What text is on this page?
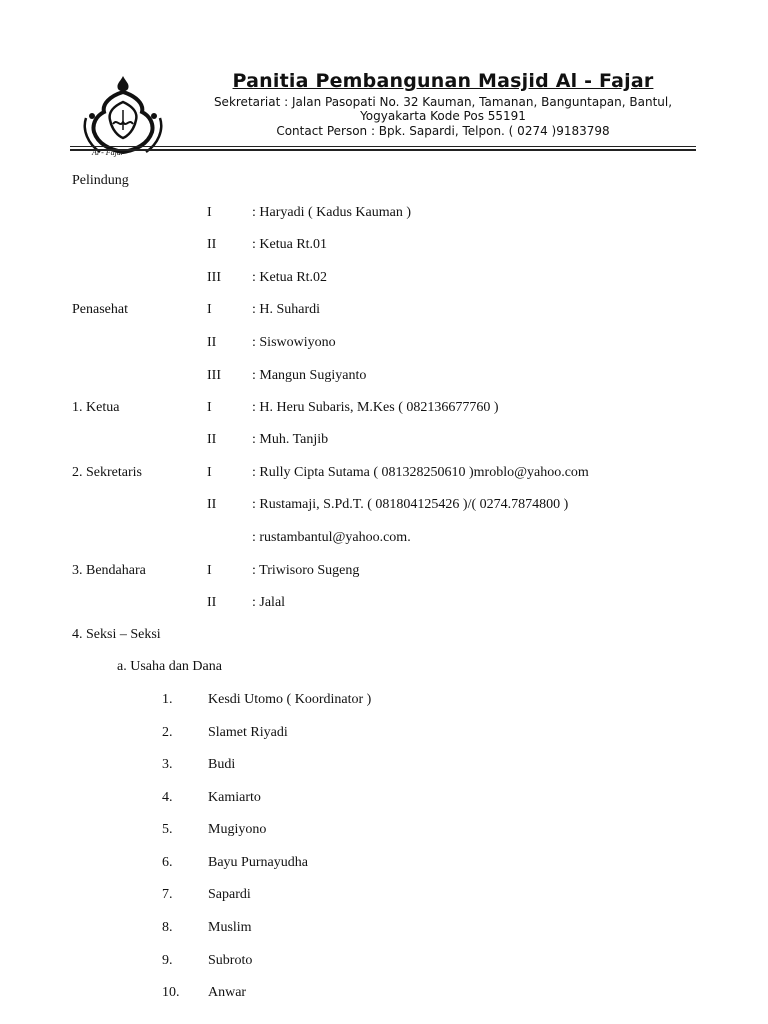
Al - Fajar
Panitia Pembangunan Masjid Al - Fajar
Sekretariat : Jalan Pasopati No. 32 Kauman, Tamanan, Banguntapan, Bantul,
Yogyakarta Kode Pos 55191
Contact Person : Bpk. Sapardi, Telpon. ( 0274 )9183798
Pelindung
I	: Haryadi ( Kadus Kauman )
II	: Ketua Rt.01
III : Ketua Rt.02
Penasehat	I	: H. Suhardi
II	: Siswowiyono
III : Mangun Sugiyanto
1. Ketua	I	: H. Heru Subaris, M.Kes ( 082136677760 )
II	: Muh. Tanjib
2. Sekretaris	I	: Rully Cipta Sutama ( 081328250610 )mroblo@yahoo.com
II	: Rustamaji, S.Pd.T. ( 081804125426 )/( 0274.7874800 )
: rustambantul@yahoo.com.
3. Bendahara	I	: Triwisoro Sugeng
II	: Jalal
4. Seksi – Seksi
a. Usaha dan Dana
1.	Kesdi Utomo ( Koordinator )
2.	Slamet Riyadi
3.	Budi
4.	Kamiarto
5.	Mugiyono
6.	Bayu Purnayudha
7.	Sapardi
8.	Muslim
9.	Subroto
10. Anwar
